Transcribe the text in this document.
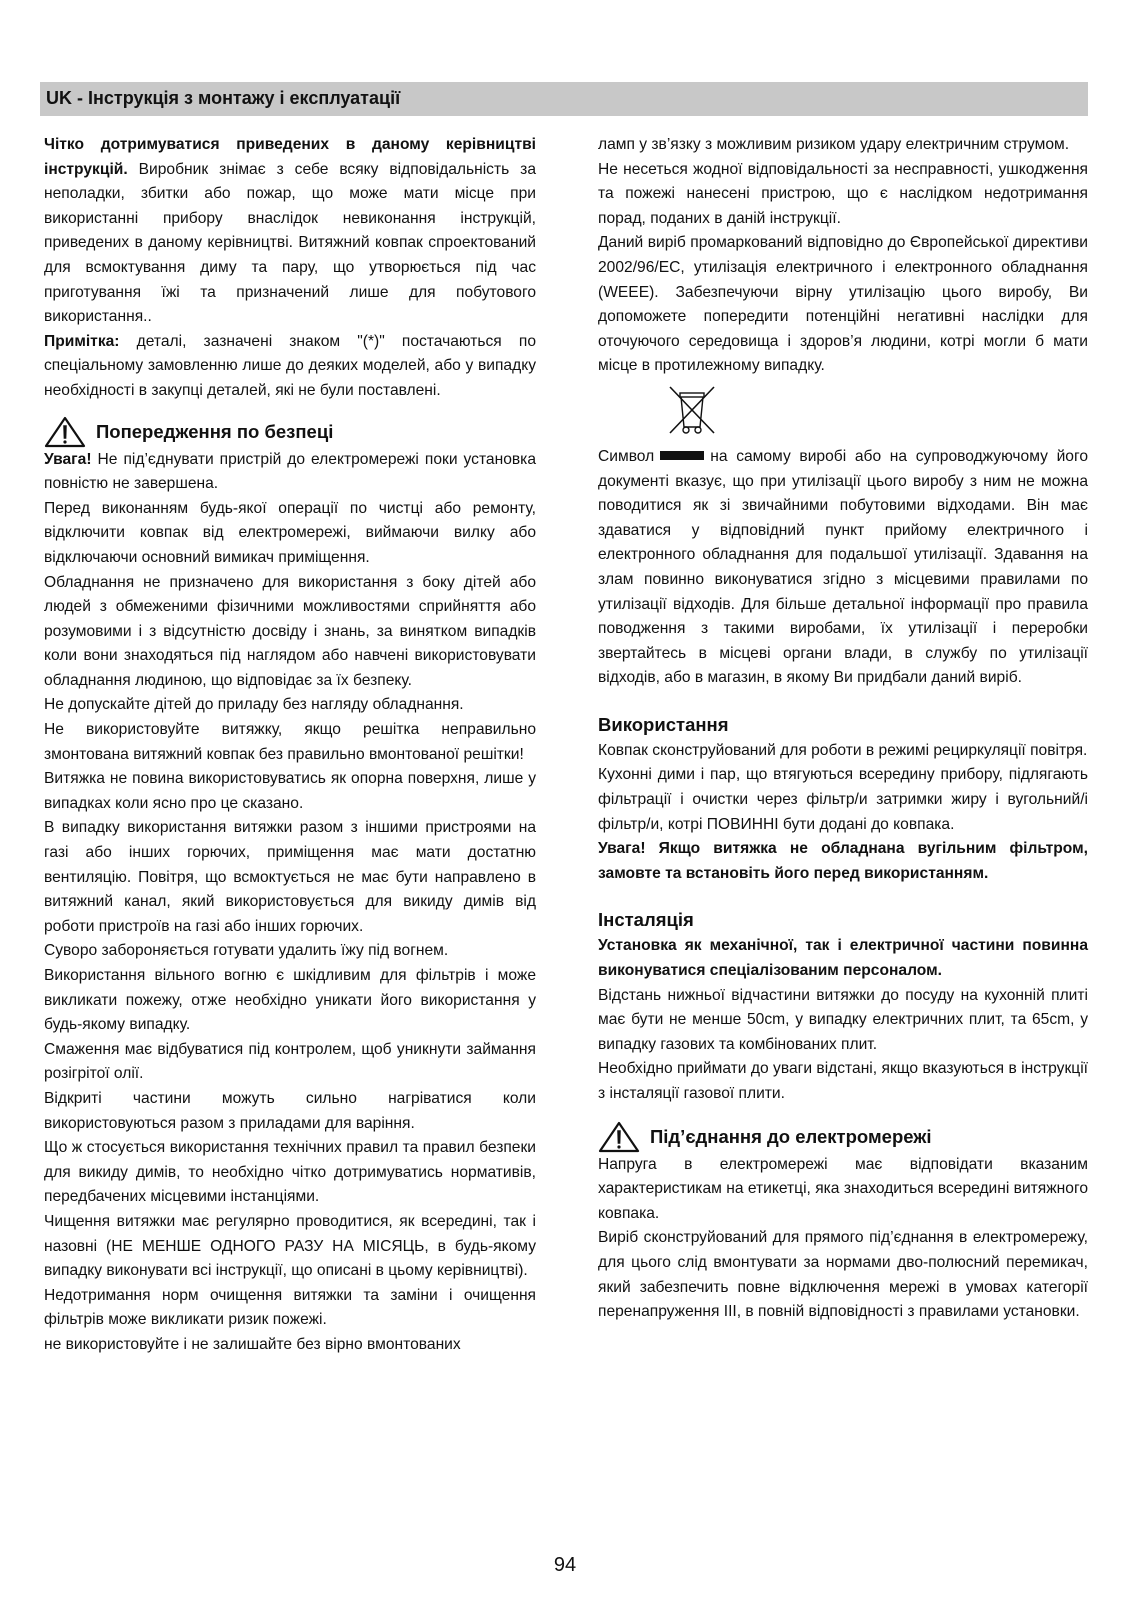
UK - Інструкція з монтажу і експлуатації

Чітко дотримуватися приведених в даному керівництві інструкцій. Виробник знімає з себе всяку відповідальність за неполадки, збитки або пожар, що може мати місце при використанні прибору внаслідок невиконання інструкцій, приведених в даному керівництві. Витяжний ковпак спроектований для всмоктування диму та пару, що утворюється під час приготування їжі та призначений лише для побутового використання..

Примітка: деталі, зазначені знаком "(*)" постачаються по спеціальному замовленню лише до деяких моделей, або у випадку необхідності в закупці деталей, які не були поставлені.

Попередження по безпеці

Увага! Не під’єднувати пристрій до електромережі поки установка повністю не завершена.

Перед виконанням будь-якої операції по чистці або ремонту, відключити ковпак від електромережі, виймаючи вилку або відключаючи основний вимикач приміщення.

Обладнання не призначено для використання з боку дітей або людей з обмеженими фізичними можливостями сприйняття або розумовими і з відсутністю досвіду і знань, за винятком випадків коли вони знаходяться під наглядом або навчені використовувати обладнання людиною, що відповідає за їх безпеку.

Не допускайте дітей до приладу без нагляду обладнання.

Не використовуйте витяжку, якщо решітка неправильно змонтована витяжний ковпак без правильно вмонтованої решітки!

Витяжка не повина використовуватись як опорна поверхня, лише у випадках коли ясно про це сказано.

В випадку використання витяжки разом з іншими пристроями на газі або інших горючих, приміщення має мати достатню вентиляцію. Повітря, що всмоктується не має бути направлено в витяжний канал, який використовується для викиду димів від роботи пристроїв на газі або інших горючих.

Суворо забороняється готувати удалить їжу під вогнем.

Використання вільного вогню є шкідливим для фільтрів і може викликати пожежу, отже необхідно уникати його використання у будь-якому випадку.

Смаження має відбуватися під контролем, щоб уникнути займання розігрітої олії.

Відкриті частини можуть сильно нагріватися коли використовуються разом з приладами для варіння.

Що ж стосується використання технічних правил та правил безпеки для викиду димів, то необхідно чітко дотримуватись нормативів, передбачених місцевими інстанціями.

Чищення витяжки має регулярно проводитися, як всередині, так і назовні (НЕ МЕНШЕ ОДНОГО РАЗУ НА МІСЯЦЬ, в будь-якому випадку виконувати всі інструкції, що описані в цьому керівництві).

Недотримання норм очищення витяжки та заміни і очищення фільтрів може викликати ризик пожежі.

не використовуйте і не залишайте без вірно вмонтованих

ламп у зв’язку з можливим ризиком удару електричним струмом.

Не несеться жодної відповідальності за несправності, ушкодження та пожежі нанесені пристрою, що є наслідком недотримання порад, поданих в даній інструкції.

Даний виріб промаркований відповідно до Європейської директиви 2002/96/EC, утилізація електричного і електронного обладнання (WEEE). Забезпечуючи вірну утилізацію цього виробу, Ви допоможете попередити потенційні негативні наслідки для оточуючого середовища і здоров’я людини, котрі могли б мати місце в протилежному випадку.

Символ	на самому виробі або на супроводжуючому його документі вказує, що при утилізації цього виробу з ним не можна поводитися як зі звичайними побутовими відходами. Він має здаватися у відповідний пункт прийому електричного і електронного обладнання для подальшої утилізації. Здавання на злам повинно виконуватися згідно з місцевими правилами по утилізації відходів. Для більше детальної інформації про правила поводження з такими виробами, їх утилізації і переробки звертайтесь в місцеві органи влади, в службу по утилізації відходів, або в магазин, в якому Ви придбали даний виріб.

Використання

Ковпак сконструйований для роботи в режимі рециркуляції повітря.

Кухонні дими і пар, що втягуються всередину прибору, підлягають фільтрації і очистки через фільтр/и затримки жиру і вугольний/і фільтр/и, котрі ПОВИННІ бути додані до ковпака.

Увага! Якщо витяжка не обладнана вугільним фільтром, замовте та встановіть його перед використанням.

Інсталяція

Установка як механічної, так і електричної частини повинна виконуватися спеціалізованим персоналом.

Відстань нижньої відчастини витяжки до посуду на кухонній плиті має бути не менше 50cm, у випадку електричних плит, та 65cm, у випадку газових та комбінованих плит.

Необхідно приймати до уваги відстані, якщо вказуються в інструкції з інсталяції газової плити.

Під’єднання до електромережі

Напруга в електромережі має відповідати вказаним характеристикам на етикетці, яка знаходиться всередині витяжного ковпака.

Виріб сконструйований для прямого під’єднання в електромережу, для цього слід вмонтувати за нормами дво-полюсний перемикач, який забезпечить повне відключення мережі в умовах категорії перенапруження III, в повній відповідності з правилами установки.

94
